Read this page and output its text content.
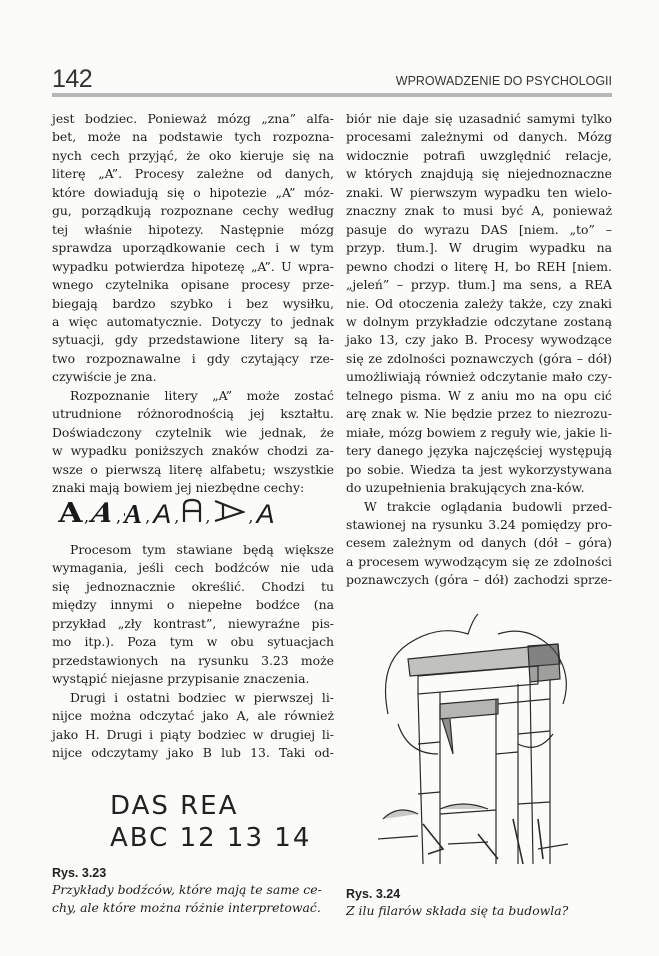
142	WPROWADZENIE DO PSYCHOLOGII

jest bodziec. Ponieważ mózg „zna” alfa-
bet, może na podstawie tych rozpozna-
nych cech przyjąć, że oko kieruje się na
literę „A”. Procesy zależne od danych,
które dowiadują się o hipotezie „A” móz-
gu, porządkują rozpoznane cechy według
tej właśnie hipotezy. Następnie mózg
sprawdza uporządkowanie cech i w tym
wypadku potwierdza hipotezę „A”. U wpra-
wnego czytelnika opisane procesy prze-
biegają bardzo szybko i bez wysiłku,
a więc automatycznie. Dotyczy to jednak
sytuacji, gdy przedstawione litery są ła-
two rozpoznawalne i gdy czytający rze-
czywiście je zna.

Rozpoznanie litery „A” może zostać
utrudnione różnorodnością jej kształtu.
Doświadczony czytelnik wie jednak, że
w wypadku poniższych znaków chodzi za-
wsze o pierwszą literę alfabetu; wszystkie
znaki mają bowiem jej niezbędne cechy:

A , A , A , A , , , A

Procesom tym stawiane będą większe
wymagania, jeśli cech bodźców nie uda
się jednoznacznie określić. Chodzi tu
między innymi o niepełne bodźce (na
przykład „zły kontrast”, niewyraźne pis-
mo itp.). Poza tym w obu sytuacjach
przedstawionych na rysunku 3.23 może
wystąpić niejasne przypisanie znaczenia.

Drugi i ostatni bodziec w pierwszej li-
nijce można odczytać jako A, ale również
jako H. Drugi i piąty bodziec w drugiej li-
nijce odczytamy jako B lub 13. Taki od-

DAS REA
ABC 12 13 14
Rys. 3.23
Przykłady bodźców, które mają te same ce-
chy, ale które można różnie interpretować.

biór nie daje się uzasadnić samymi tylko
procesami zależnymi od danych. Mózg
widocznie potrafi uwzględnić relacje,
w których znajdują się niejednoznaczne
znaki. W pierwszym wypadku ten wielo-
znaczny znak to musi być A, ponieważ
pasuje do wyrazu DAS [niem. „to” –
przyp. tłum.]. W drugim wypadku na
pewno chodzi o literę H, bo REH [niem.
„jeleń” – przyp. tłum.] ma sens, a REA
nie. Od otoczenia zależy także, czy znaki
w dolnym przykładzie odczytane zostaną
jako 13, czy jako B. Procesy wywodzące
się ze zdolności poznawczych (góra – dół)
umożliwiają również odczytanie mało czy-
telnego pisma. W z aniu mo na opu cić
arę znak w. Nie będzie przez to niezrozu-
miałe, mózg bowiem z reguły wie, jakie li-
tery danego języka najczęściej występują
po sobie. Wiedza ta jest wykorzystywana
do uzupełnienia brakujących zna-ków.

W trakcie oglądania budowli przed-
stawionej na rysunku 3.24 pomiędzy pro-
cesem zależnym od danych (dół – góra)
a procesem wywodzącym się ze zdolności
poznawczych (góra – dół) zachodzi sprze-

Rys. 3.24
Z ilu filarów składa się ta budowla?
